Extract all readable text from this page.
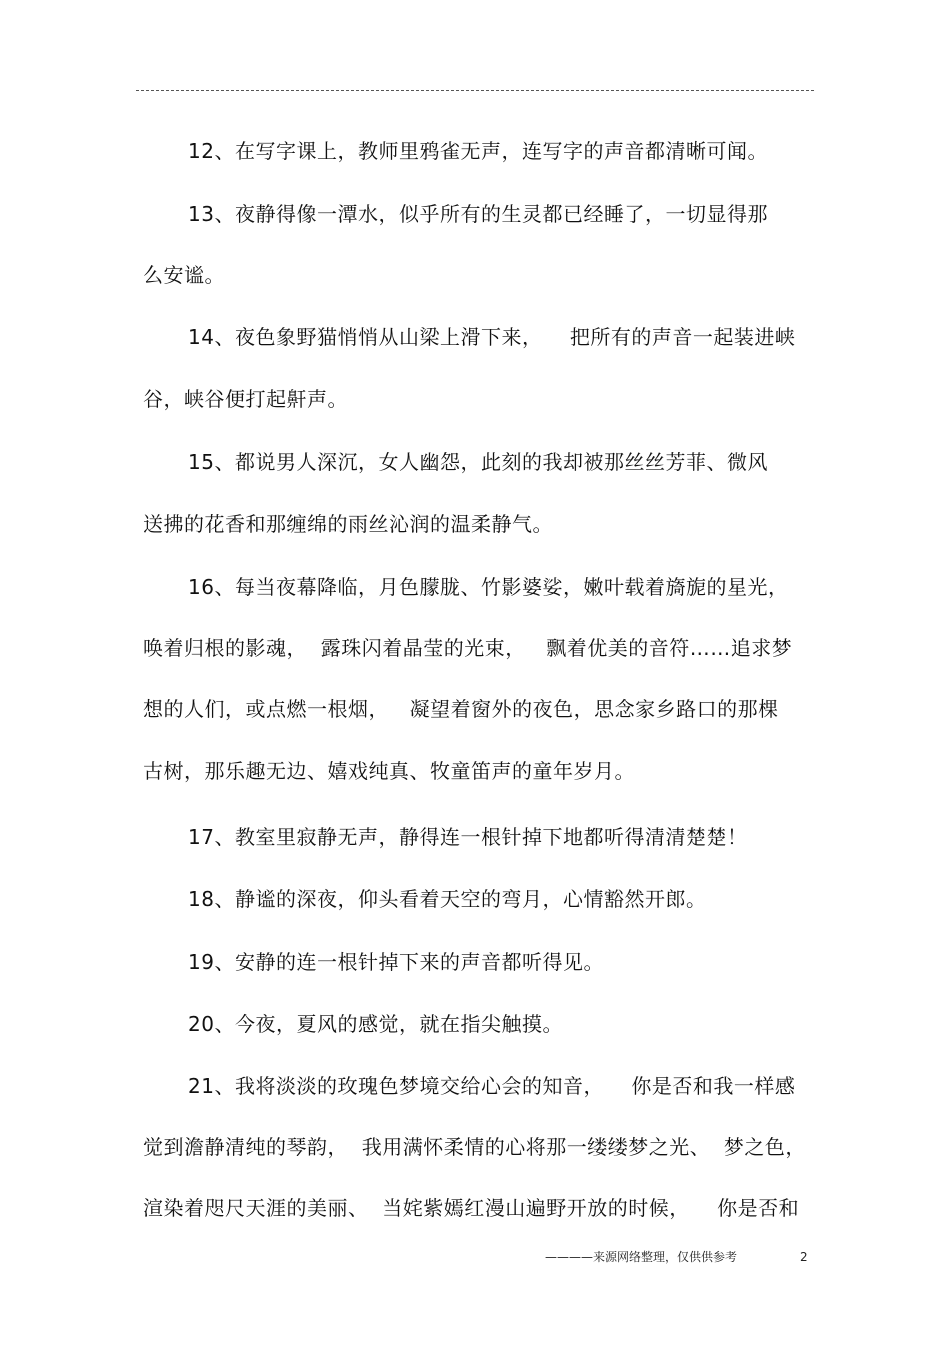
12、在写字课上，教师里鸦雀无声，连写字的声音都清晰可闻。
13、夜静得像一潭水，似乎所有的生灵都已经睡了，一切显得那
么安谧。
14、夜色象野猫悄悄从山梁上滑下来，    把所有的声音一起装进峡
谷，峡谷便打起鼾声。
15、都说男人深沉，女人幽怨，此刻的我却被那丝丝芳菲、微风
送拂的花香和那缠绵的雨丝沁润的温柔静气。
16、每当夜幕降临，月色朦胧、竹影婆娑，嫩叶载着旖旎的星光，
唤着归根的影魂，  露珠闪着晶莹的光束，   飘着优美的音符……追求梦
想的人们，或点燃一根烟，   凝望着窗外的夜色，思念家乡路口的那棵
古树，那乐趣无边、嬉戏纯真、牧童笛声的童年岁月。
17、教室里寂静无声，静得连一根针掉下地都听得清清楚楚！
18、静谧的深夜，仰头看着天空的弯月，心情豁然开郎。
19、安静的连一根针掉下来的声音都听得见。
20、今夜，夏风的感觉，就在指尖触摸。
21、我将淡淡的玫瑰色梦境交给心会的知音，    你是否和我一样感
觉到澹静清纯的琴韵，  我用满怀柔情的心将那一缕缕梦之光、  梦之色，
渲染着咫尺天涯的美丽、  当姹紫嫣红漫山遍野开放的时候，    你是否和
————来源网络整理，仅供供参考	2
